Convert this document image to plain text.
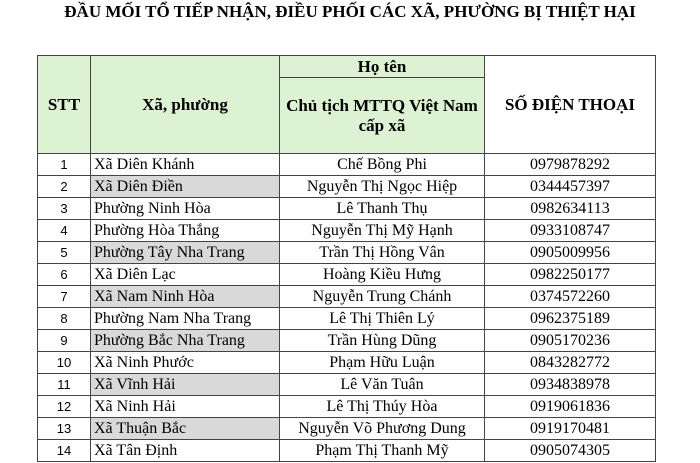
ĐẦU MỐI TỔ TIẾP NHẬN, ĐIỀU PHỐI CÁC XÃ, PHƯỜNG BỊ THIỆT HẠI
STT	Xã, phường	Họ tên	SỐ ĐIỆN THOẠI
		Chủ tịch MTTQ Việt Nam cấp xã	
1	Xã Diên Khánh	Chế Bồng Phi	0979878292
2	Xã Diên Điền	Nguyễn Thị Ngọc Hiệp	0344457397
3	Phường Ninh Hòa	Lê Thanh Thụ	0982634113
4	Phường Hòa Thắng	Nguyễn Thị Mỹ Hạnh	0933108747
5	Phường Tây Nha Trang	Trần Thị Hồng Vân	0905009956
6	Xã Diên Lạc	Hoàng Kiều Hưng	0982250177
7	Xã Nam Ninh Hòa	Nguyễn Trung Chánh	0374572260
8	Phường Nam Nha Trang	Lê Thị Thiên Lý	0962375189
9	Phường Bắc Nha Trang	Trần Hùng Dũng	0905170236
10	Xã Ninh Phước	Phạm Hữu Luận	0843282772
11	Xã Vĩnh Hải	Lê Văn Tuân	0934838978
12	Xã Ninh Hải	Lê Thị Thúy Hòa	0919061836
13	Xã Thuận Bắc	Nguyễn Võ Phương Dung	0919170481
14	Xã Tân Định	Phạm Thị Thanh Mỹ	0905074305
